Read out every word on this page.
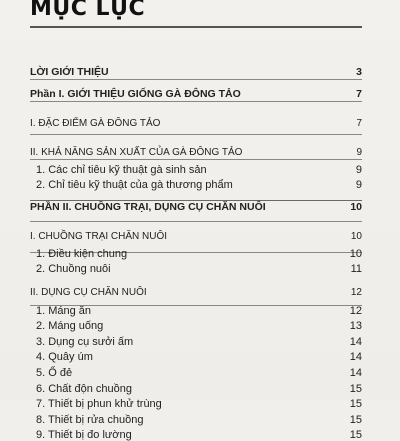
MỤC LỤC
LỜI GIỚI THIỆU	3
Phần I. GIỚI THIỆU GIỐNG GÀ ĐÔNG TẢO	7
I. ĐẶC ĐIỂM GÀ ĐÔNG TẢO	7
II. KHẢ NĂNG SẢN XUẤT CỦA GÀ ĐÔNG TẢO	9
1. Các chỉ tiêu kỹ thuật gà sinh sản	9
2. Chỉ tiêu kỹ thuật của gà thương phẩm	9
PHẦN II. CHUỒNG TRẠI, DỤNG CỤ CHĂN NUÔI	10
I. CHUỒNG TRẠI CHĂN NUÔI	10
1. Điều kiện chung	10
2. Chuồng nuôi	11
II. DỤNG CỤ CHĂN NUÔI	12
1. Máng ăn	12
2. Máng uống	13
3. Dụng cụ sưởi ấm	14
4. Quây úm	14
5. Ổ đẻ	14
6. Chất độn chuồng	15
7. Thiết bị phun khử trùng	15
8. Thiết bị rửa chuồng	15
9. Thiết bị đo lường	15
